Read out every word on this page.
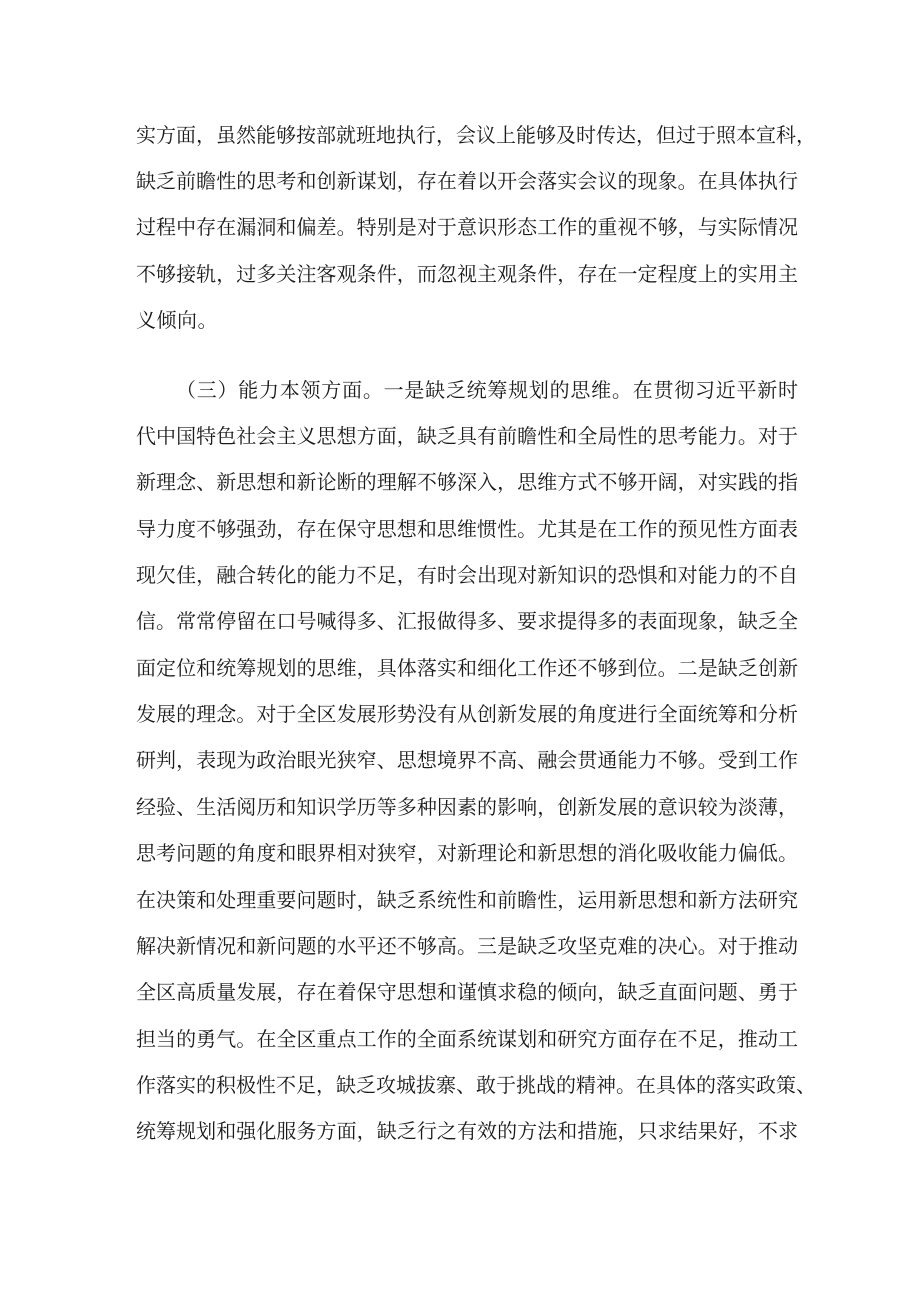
实方面，虽然能够按部就班地执行，会议上能够及时传达，但过于照本宣科，
缺乏前瞻性的思考和创新谋划，存在着以开会落实会议的现象。在具体执行
过程中存在漏洞和偏差。特别是对于意识形态工作的重视不够，与实际情况
不够接轨，过多关注客观条件，而忽视主观条件，存在一定程度上的实用主
义倾向。
（三）能力本领方面。一是缺乏统筹规划的思维。在贯彻习近平新时
代中国特色社会主义思想方面，缺乏具有前瞻性和全局性的思考能力。对于
新理念、新思想和新论断的理解不够深入，思维方式不够开阔，对实践的指
导力度不够强劲，存在保守思想和思维惯性。尤其是在工作的预见性方面表
现欠佳，融合转化的能力不足，有时会出现对新知识的恐惧和对能力的不自
信。常常停留在口号喊得多、汇报做得多、要求提得多的表面现象，缺乏全
面定位和统筹规划的思维，具体落实和细化工作还不够到位。二是缺乏创新
发展的理念。对于全区发展形势没有从创新发展的角度进行全面统筹和分析
研判，表现为政治眼光狭窄、思想境界不高、融会贯通能力不够。受到工作
经验、生活阅历和知识学历等多种因素的影响，创新发展的意识较为淡薄，
思考问题的角度和眼界相对狭窄，对新理论和新思想的消化吸收能力偏低。
在决策和处理重要问题时，缺乏系统性和前瞻性，运用新思想和新方法研究
解决新情况和新问题的水平还不够高。三是缺乏攻坚克难的决心。对于推动
全区高质量发展，存在着保守思想和谨慎求稳的倾向，缺乏直面问题、勇于
担当的勇气。在全区重点工作的全面系统谋划和研究方面存在不足，推动工
作落实的积极性不足，缺乏攻城拔寨、敢于挑战的精神。在具体的落实政策、
统筹规划和强化服务方面，缺乏行之有效的方法和措施，只求结果好，不求
